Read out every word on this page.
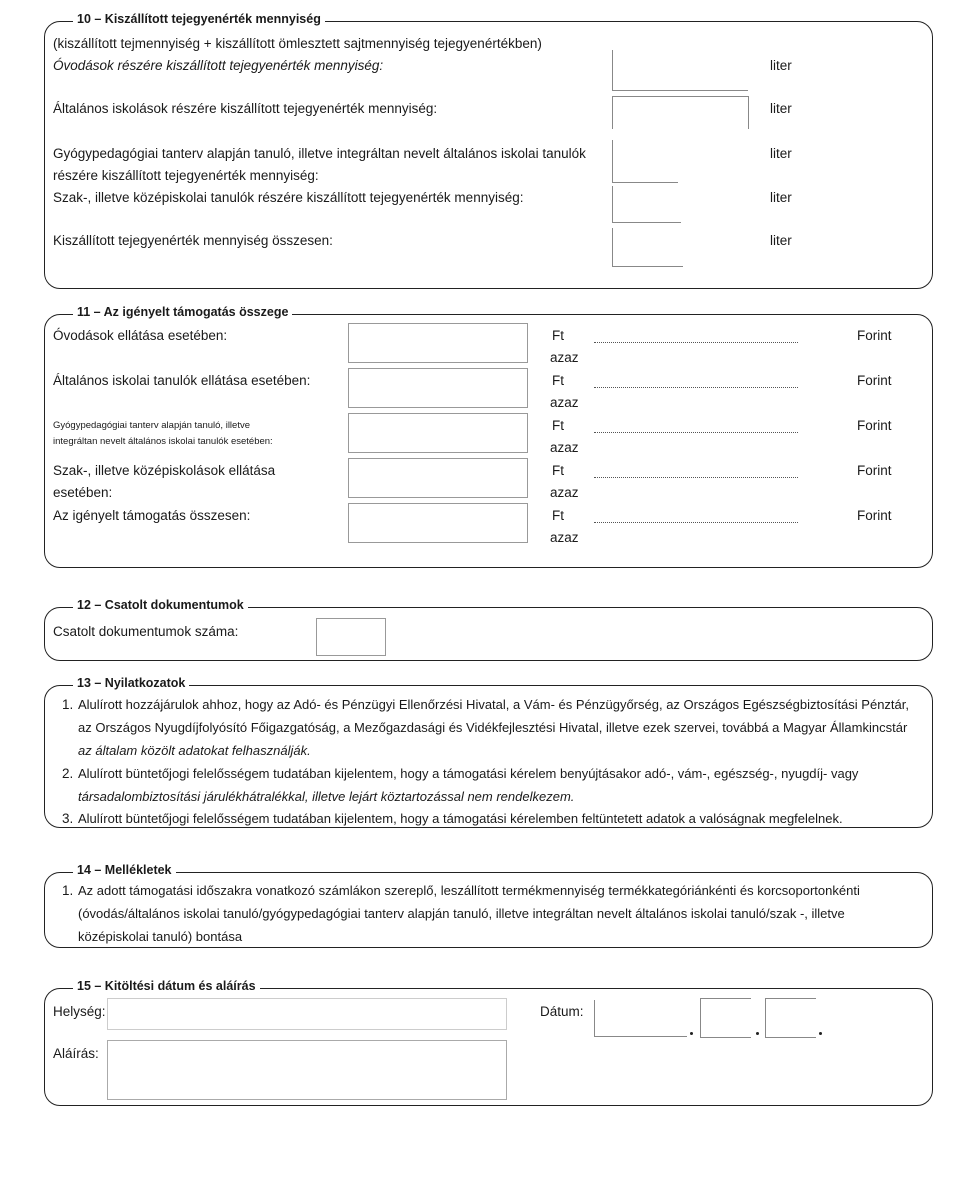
10 – Kiszállított tejegyenérték mennyiség
(kiszállított tejmennyiség + kiszállított ömlesztett sajtmennyiség tejegyenértékben)
Óvodások részére kiszállított tejegyenérték mennyiség:	liter
Általános iskolások részére kiszállított tejegyenérték mennyiség:	liter
Gyógypedagógiai tanterv alapján tanuló, illetve integráltan nevelt általános iskolai tanulók
részére kiszállított tejegyenérték mennyiség:
liter
Szak-, illetve középiskolai tanulók részére kiszállított tejegyenérték mennyiség:	liter
Kiszállított tejegyenérték mennyiség összesen:	liter
11 – Az igényelt támogatás összege
Óvodások ellátása esetében:	Ft
azaz
Forint
Általános iskolai tanulók ellátása esetében:	Ft
azaz
Forint
Gyógypedagógiai tanterv alapján tanuló, illetve
integráltan nevelt általános iskolai tanulók esetében:
Ft
azaz
Forint
Szak-, illetve középiskolások ellátása
esetében:
Ft
azaz
Forint
Az igényelt támogatás összesen:	Ft
azaz
Forint
12 – Csatolt dokumentumok
Csatolt dokumentumok száma:
13 – Nyilatkozatok
1. Alulírott hozzájárulok ahhoz, hogy az Adó- és Pénzügyi Ellenőrzési Hivatal, a Vám- és Pénzügyőrség, az Országos Egészségbiztosítási Pénztár,
az Országos Nyugdíjfolyósító Főigazgatóság, a Mezőgazdasági és Vidékfejlesztési Hivatal, illetve ezek szervei, továbbá a Magyar Államkincstár
az általam közölt adatokat felhasználják.
2. Alulírott büntetőjogi felelősségem tudatában kijelentem, hogy a támogatási kérelem benyújtásakor adó-, vám-, egészség-, nyugdíj- vagy
társadalombiztosítási járulékhátralékkal, illetve lejárt köztartozással nem rendelkezem.
3. Alulírott büntetőjogi felelősségem tudatában kijelentem, hogy a támogatási kérelemben feltüntetett adatok a valóságnak megfelelnek.
14 – Mellékletek
1. Az adott támogatási időszakra vonatkozó számlákon szereplő, leszállított termékmennyiség termékkategóriánkénti és korcsoportonkénti
(óvodás/általános iskolai tanuló/gyógypedagógiai tanterv alapján tanuló, illetve integráltan nevelt általános iskolai tanuló/szak -, illetve
középiskolai tanuló) bontása
15 – Kitöltési dátum és aláírás
Helység:	Dátum:
Aláírás:
